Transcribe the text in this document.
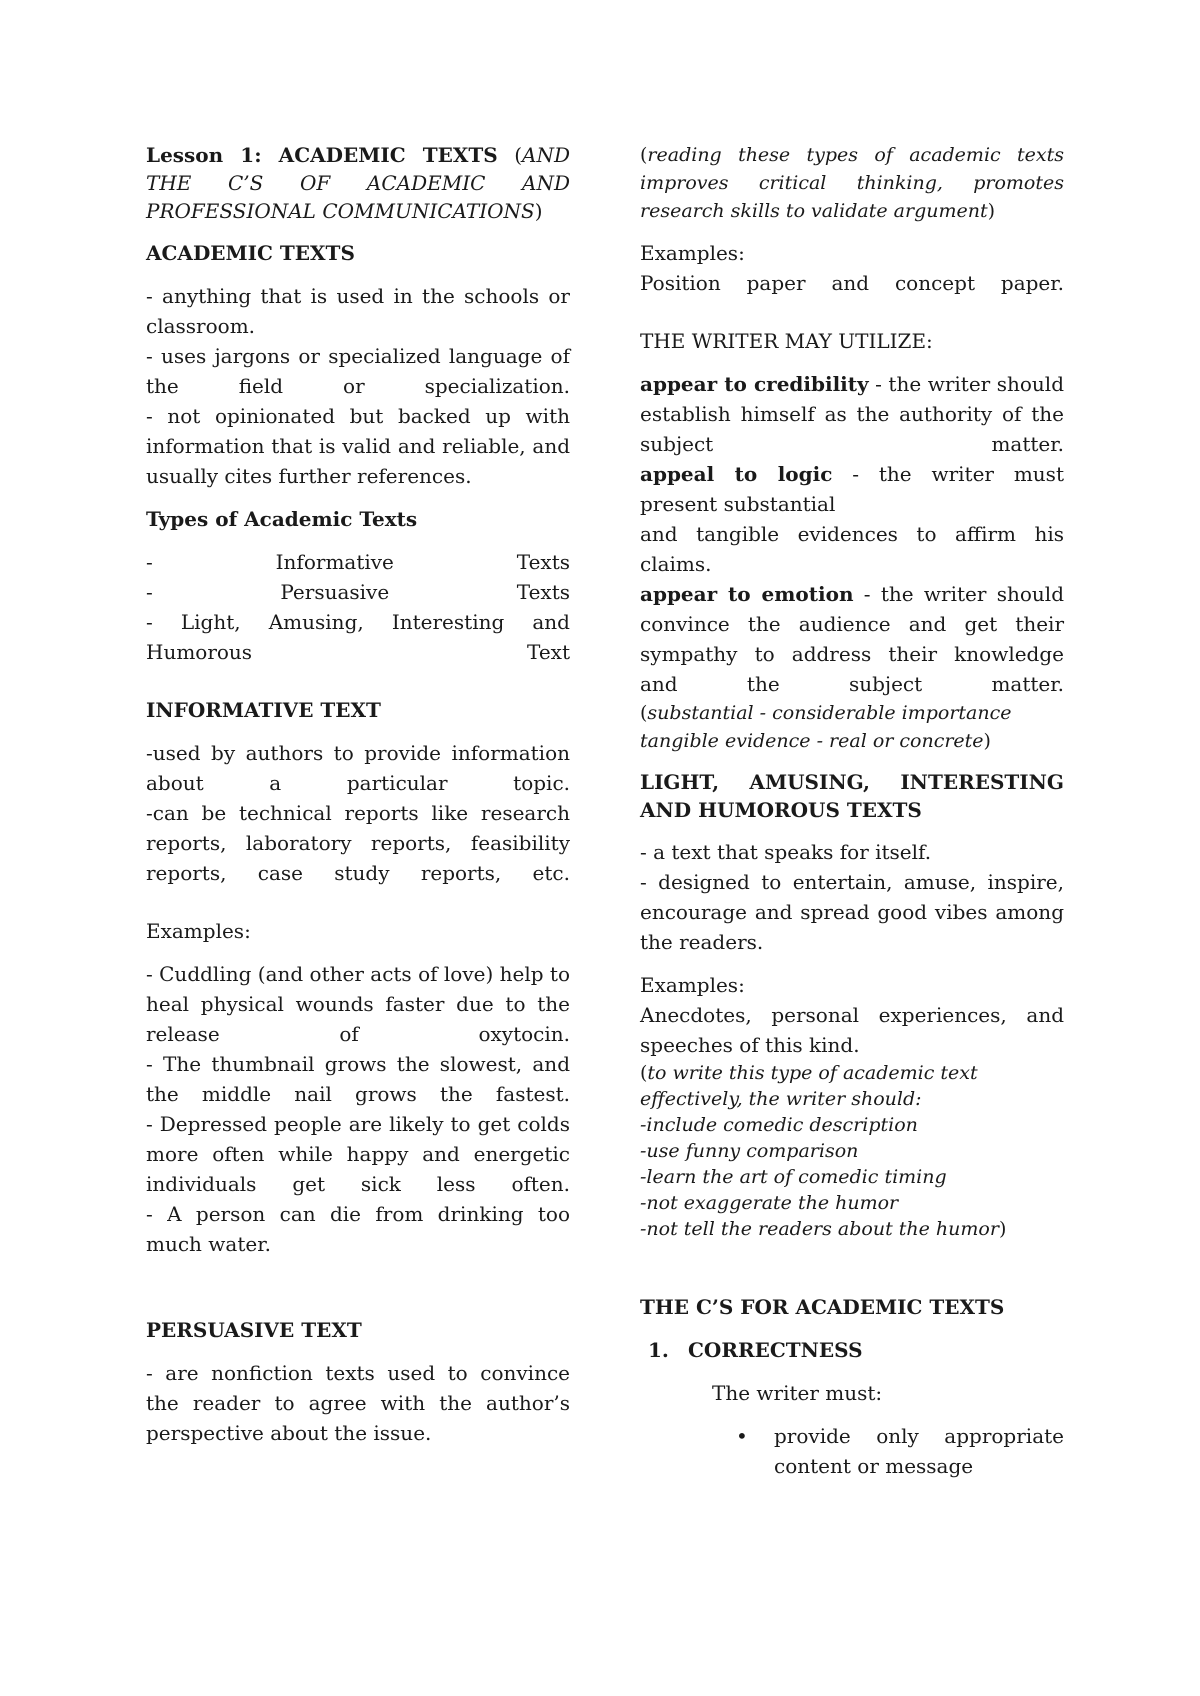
Lesson 1: ACADEMIC TEXTS (AND THE C’S OF ACADEMIC AND PROFESSIONAL COMMUNICATIONS)

ACADEMIC TEXTS

- anything that is used in the schools or classroom.

- uses jargons or specialized language of the field or specialization.

- not opinionated but backed up with information that is valid and reliable, and usually cites further references.

Types of Academic Texts

- Informative Texts

- Persuasive Texts

- Light, Amusing, Interesting and Humorous Text

INFORMATIVE TEXT

-used by authors to provide information about a particular topic.

-can be technical reports like research reports, laboratory reports, feasibility reports, case study reports, etc.

Examples:

- Cuddling (and other acts of love) help to heal physical wounds faster due to the release of oxytocin.

- The thumbnail grows the slowest, and the middle nail grows the fastest.

- Depressed people are likely to get colds more often while happy and energetic individuals get sick less often.

- A person can die from drinking too much water.

PERSUASIVE TEXT

- are nonfiction texts used to convince the reader to agree with the author’s perspective about the issue.

(reading these types of academic texts improves critical thinking, promotes research skills to validate argument)

Examples:

Position paper and concept paper.

THE WRITER MAY UTILIZE:

appear to credibility - the writer should establish himself as the authority of the subject matter.

appeal to logic - the writer must present substantial

and tangible evidences to affirm his claims.

appear to emotion - the writer should convince the audience and get their sympathy to address their knowledge and the subject matter.

(substantial - considerable importance
tangible evidence - real or concrete)

LIGHT, AMUSING, INTERESTING AND HUMOROUS TEXTS

- a text that speaks for itself.

- designed to entertain, amuse, inspire, encourage and spread good vibes among the readers.

Examples:

Anecdotes, personal experiences, and speeches of this kind.

(to write this type of academic text effectively, the writer should:
-include comedic description
-use funny comparison
-learn the art of comedic timing
-not exaggerate the humor
-not tell the readers about the humor)

THE C’S FOR ACADEMIC TEXTS

1. CORRECTNESS

The writer must:

•	provide only appropriate content or message
